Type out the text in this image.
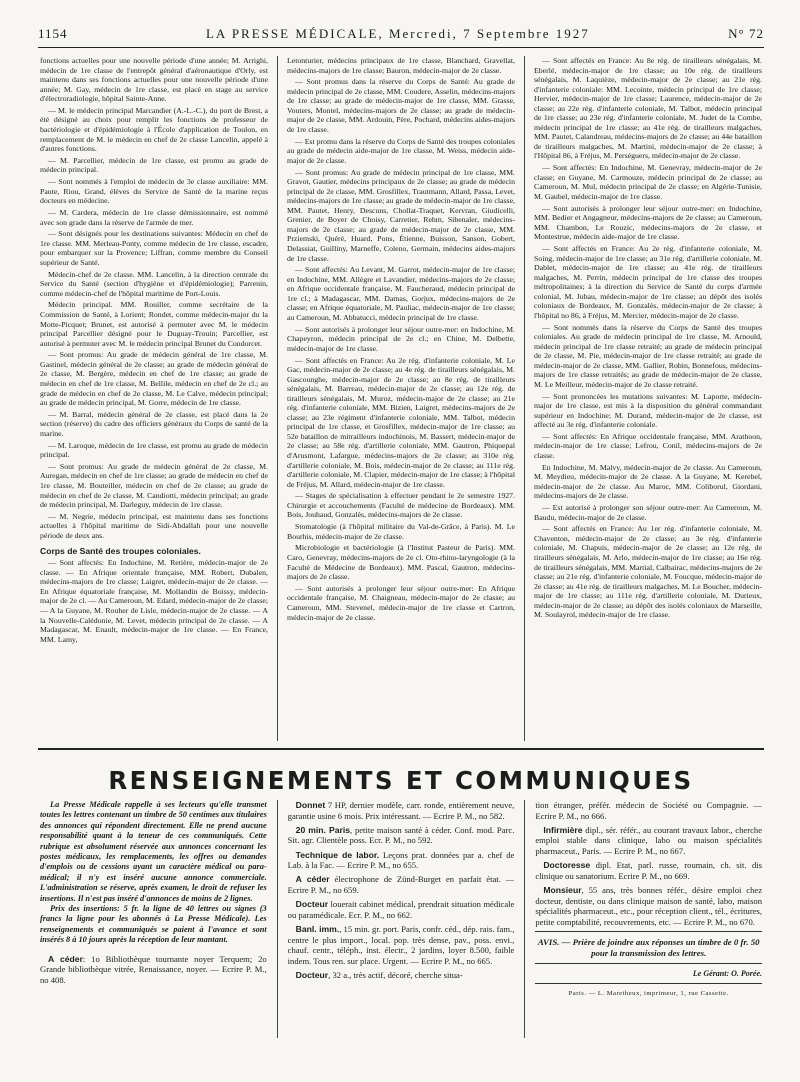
1154	LA PRESSE MÉDICALE, Mercredi, 7 Septembre 1927	N° 72

fonctions actuelles pour une nouvelle période d'une année; M. Arrighi, médecin de 1re classe de l'entrepôt général d'aéronautique d'Orly, est maintenu dans ses fonctions actuelles pour une nouvelle période d'une année; M. Gay, médecin de 1re classe, est placé en stage au service d'électroradiologie, hôpital Sainte-Anne.

— M. le médecin principal Marcandier (A.-L.-C.), du port de Brest, a été désigné au choix pour remplir les fonctions de professeur de bactériologie et d'épidémiologie à l'École d'application de Toulon, en remplacement de M. le médecin en chef de 2e classe Lancelin, appelé à d'autres fonctions.

— M. Parcellier, médecin de 1re classe, est promu au grade de médecin principal.

— Sont nommés à l'emploi de médecin de 3e classe auxiliaire: MM. Paute, Riou, Grand, élèves du Service de Santé de la marine reçus docteurs en médecine.

— M. Cardera, médecin de 1re classe démissionnaire, est nommé avec son grade dans la réserve de l'armée de mer.

— Sont désignés pour les destinations suivantes: Médecin en chef de 1re classe. MM. Merleau-Ponty, comme médecin de 1re classe, escadre, pour embarquer sur la Provence; Liffran, comme membre du Conseil supérieur de Santé.

Médecin-chef de 2e classe. MM. Lancelin, à la direction centrale du Service du Santé (section d'hygiène et d'épidémiologie); Parrenin, comme médecin-chef de l'hôpital maritime de Port-Louis.

Médecin principal. MM. Rouiller, comme secrétaire de la Commission de Santé, à Lorient; Rondet, comme médecin-major du la Motte-Picquet; Brunet, est autorisé à permuter avec M. le médecin principal Parcellier désigné pour le Duguay-Trouin; Parcellier, est autorisé à permuter avec M. le médecin principal Brunet du Condorcet.

— Sont promus: Au grade de médecin général de 1re classe, M. Gastinel, médecin général de 2e classe; au grade de médecin général de 2e classe, M. Bergère, médecin en chef de 1re classe; au grade de médecin en chef de 1re classe, M. Bellile, médecin en chef de 2e cl.; au grade de médecin en chef de 2e classe, M. Le Calve, médecin principal; au grade de médecin principal, M. Gorre, médecin de 1re classe.

— M. Barral, médecin général de 2e classe, est placé dans la 2e section (réserve) du cadre des officiers généraux du Corps de santé de la marine.

— M. Laroque, médecin de 1re classe, est promu au grade de médecin principal.

— Sont promus: Au grade de médecin général de 2e classe, M. Auregan, médecin en chef de 1re classe; au grade de médecin en chef de 1re classe, M. Bouteiller, médecin en chef de 2e classe; au grade de médecin en chef de 2e classe, M. Candiotti, médecin principal; au grade de médecin principal, M. Darleguy, médecin de 1re classe.

— M. Negrie, médecin principal, est maintenu dans ses fonctions actuelles à l'hôpital maritime de Sidi-Abdallah pour une nouvelle période de deux ans.

Corps de Santé des troupes coloniales.

— Sont affectés: En Indochine, M. Retière, médecin-major de 2e classe. — En Afrique orientale française, MM. Robert, Dubalen, médecins-majors de 1re classe; Laigret, médecin-major de 2e classe. — En Afrique équatoriale française, M. Mollandin de Boissy, médecin-major de 2e cl. — Au Cameroun, M. Edard, médecin-major de 2e classe; — A la Guyane, M. Rouher de Lisle, médecin-major de 2e classe. — A la Nouvelle-Calédonie, M. Levet, médecin principal de 2e classe. — A Madagascar, M. Enault, médecin-major de 1re classe. — En France, MM. Lamy,

Letonturier, médecins principaux de 1re classe, Blanchard, Gravellat, médecins-majors de 1re classe; Bauron, médecin-major de 2e classe.

— Sont promus dans la réserve du Corps de Santé: Au grade de médecin principal de 2e classe, MM. Coudere, Asselin, médecins-majors de 1re classe; au grade de médecin-major de 1re classe, MM. Grasse, Vouters, Montel, médecins-majors de 2e classe; au grade de médecin-major de 2e classe, MM. Ardouin, Père, Pochard, médecins aides-majors de 1re classe.

— Est promu dans la réserve du Corps de Santé des troupes coloniales au grade de médecin aide-major de 1re classe, M. Weiss, médecin aide-major de 2e classe.

— Sont promus: Au grade de médecin principal de 1re classe, MM. Gravot, Gautier, médecins principaux de 2e classe; au grade de médecin principal de 2e classe, MM. Grosfillex, Trautmann, Allard, Passa, Levet, médecins-majors de 1re classe; au grade de médecin-major de 1re classe, MM. Pautet, Henry, Descuns, Chollat-Traquet, Kervran, Giudicelli, Grenier, de Boyer de Choisy, Carretier, Rehm, Sibenaler, médecins-majors de 2e classe; au grade de médecin-major de 2e classe, MM. Prziemski, Quéré, Huard, Pons, Étienne, Buisson, Sanson, Gobert, Delassiat, Guilliny, Marneffe, Coleno, Germain, médecins aides-majors de 1re classe.

— Sont affectés: Au Levant, M. Garrot, médecin-major de 1re classe; en Indochine, MM. Allègre et Lavandier, médecins-majors de 2e classe; en Afrique occidentale française, M. Faucheraud, médecin principal de 1re cl.; à Madagascar, MM. Damas, Gorjux, médecins-majors de 2e classe; en Afrique équatoriale, M. Pauliac, médecin-major de 1re classe; au Cameroun, M. Abbatucci, médecin principal de 1re classe.

— Sont autorisés à prolonger leur séjour outre-mer: en Indochine, M. Chapeyron, médecin principal de 2e cl.; en Chine, M. Delbette, médecin-major de 1re classe.

— Sont affectés en France: Au 2e rég. d'infanterie coloniale, M. Le Gac, médecin-major de 2e classe; au 4e rég. de tirailleurs sénégalais, M. Gascounghe, médecin-major de 2e classe; au 8e rég. de tirailleurs sénégalais, M. Barreau, médecin-major de 2e classe; au 12e rég. de tirailleurs sénégalais, M. Muroz, médecin-major de 2e classe; au 21e rég. d'infanterie coloniale, MM. Bizien, Laigret, médecins-majors de 2e classe; au 23e régiment d'infanterie coloniale, MM. Talbot, médecin principal de 1re classe, et Grosfillex, médecin-major de 1re classe; au 52e bataillon de mitrailleurs indochinois, M. Bassert, médecin-major de 2e classe; au 58e rég. d'artillerie coloniale, MM. Gautron, Phiquepal d'Arusmont, Lafargue, médecins-majors de 2e classe; au 310e rég. d'artillerie coloniale, M. Bois, médecin-major de 2e classe; au 111e rég. d'artillerie coloniale, M. Clapier, médecin-major de 1re classe; à l'hôpital de Fréjus, M. Allard, médecin-major de 1re classe.

— Stages de spécialisation à effectuer pendant le 2e semestre 1927. Chirurgie et accouchements (Faculté de médecine de Bordeaux). MM. Bois, Jouhaud, Gonzalès, médecins-majors de 2e classe.

Stomatologie (à l'hôpital militaire du Val-de-Grâce, à Paris). M. Le Bourhis, médecin-major de 2e classe.

Microbiologie et bactériologie (à l'Institut Pasteur de Paris). MM. Caro, Genevray, médecins-majors de 2e cl. Oto-rhino-laryngologie (à la Faculté de Médecine de Bordeaux). MM. Pascal, Gautron, médecins-majors de 2e classe.

— Sont autorisés à prolonger leur séjour outre-mer: En Afrique occidentale française, M. Chaigneau, médecin-major de 2e classe; au Cameroun, MM. Stevenel, médecin-major de 1re classe et Cartron, médecin-major de 2e classe.

— Sont affectés en France: Au 8e rég. de tirailleurs sénégalais, M. Eberlé, médecin-major de 1re classe; au 10e rég. de tirailleurs sénégalais, M. Laquièze, médecin-major de 2e classe; au 21e rég. d'infanterie coloniale: MM. Lecointe, médecin principal de 1re classe; Hervier, médecin-major de 1re classe; Laurence, médecin-major de 2e classe; au 22e rég. d'infanterie coloniale, M. Talbot, médecin principal de 1re classe; au 23e rég. d'infanterie coloniale, M. Judet de la Combe, médecin principal de 1re classe; au 41e rég. de tirailleurs malgaches, MM. Pautet, Calandreau, médecins-majors de 2e classe; au 44e bataillon de tirailleurs malgaches, M. Martini, médecin-major de 2e classe; à l'Hôpital 86, à Fréjus, M. Perséguers, médecin-major de 2e classe.

— Sont affectés: En Indochine, M. Genevray, médecin-major de 2e classe; en Guyane, M. Carmouze, médecin principal de 2e classe; au Cameroun, M. Mul, médecin principal de 2e classe; en Algérie-Tunisie, M. Gaubel, médecin-major de 1re classe.

— Sont autorisés à prolonger leur séjour outre-mer: en Indochine, MM. Bedier et Angagneur, médecins-majors de 2e classe; au Cameroun, MM. Chambon, Le Rouzic, médecins-majors de 2e classe, et Montestrue, médecin aide-major de 1re classe.

— Sont affectés en France: Au 2e rég. d'infanterie coloniale, M. Soing, médecin-major de 1re classe; au 31e rég. d'artillerie coloniale, M. Dablet, médecin-major de 1re classe; au 41e rég. de tirailleurs malgaches, M. Perrin, médecin principal de 1re classe des troupes métropolitaines; à la direction du Service de Santé du corps d'armée colonial, M. Jubau, médecin-major de 1re classe; au dépôt des isolés coloniaux de Bordeaux, M. Gonzalès, médecin-major de 2e classe; à l'hôpital no 86, à Fréjus, M. Mercier, médecin-major de 2e classe.

— Sont nommés dans la réserve du Corps de Santé des troupes coloniales. Au grade de médecin principal de 1re classe, M. Arnould, médecin principal de 1re classe retraité; au grade de médecin principal de 2e classe, M. Pie, médecin-major de 1re classe retraité; au grade de médecin-major de 2e classe, MM. Gallier, Robin, Bonnefous, médecins-majors de 1re classe retraités; au grade de médecin-major de 2e classe, M. Le Meilleur, médecin-major de 2e classe retraité.

— Sont prononcées les mutations suivantes: M. Laporte, médecin-major de 1re classe, est mis à la disposition du général commandant supérieur en Indochine; M. Durand, médecin-major de 2e classe, est affecté au 3e rég. d'infanterie coloniale.

— Sont affectés: En Afrique occidentale française, MM. Arathoon, médecin-major de 1re classe; Lefrou, Conil, médecins-majors de 2e classe.

En Indochine, M. Malvy, médecin-major de 2e classe. Au Cameroun, M. Meydieu, médecin-major de 2e classe. A la Guyane, M. Kerebel, médecin-major de 2e classe. Au Maroc, MM. Coliborul, Giordani, médecins-majors de 2e classe.

— Est autorisé à prolonger son séjour outre-mer: Au Cameroun, M. Baudu, médecin-major de 2e classe.

— Sont affectés en France: Au 1er rég. d'infanterie coloniale, M. Chaventon, médecin-major de 2e classe; au 3e rég. d'infanterie coloniale, M. Chapuis, médecin-major de 2e classe; au 12e rég. de tirailleurs sénégalais, M. Arlo, médecin-major de 1re classe; au 16e rég. de tirailleurs sénégalais, MM. Martial, Calbairac, médecins-majors de 2e classe; au 21e rég. d'infanterie coloniale, M. Foucque, médecin-major de 2e classe; au 41e rég. de tirailleurs malgaches, M. Le Boucher, médecin-major de 1re classe; au 111e rég. d'artillerie coloniale, M. Durieux, médecin-major de 2e classe; au dépôt des isolés coloniaux de Marseille, M. Soulayrol, médecin-major de 1re classe.

RENSEIGNEMENTS ET COMMUNIQUES

La Presse Médicale rappelle à ses lecteurs qu'elle transmet toutes les lettres contenant un timbre de 50 centimes aux titulaires des annonces qui répondent directement. Elle ne prend aucune responsabilité quant à la teneur de ces communiqués. Cette rubrique est absolument réservée aux annonces concernant les postes médicaux, les remplacements, les offres ou demandes d'emplois ou de cessions ayant un caractère médical ou para-médical; il n'y est inséré aucune annonce commerciale. L'administration se réserve, après examen, le droit de refuser les insertions. Il n'est pas inséré d'annonces de moins de 2 lignes.

Prix des insertions: 5 fr. la ligne de 40 lettres ou signes (3 francs la ligne pour les abonnés à La Presse Médicale). Les renseignements et communiqués se paient à l'avance et sont insérés 8 à 10 jours après la réception de leur mantant.

A céder: 1o Bibliothèque tournante noyer Terquem; 2o Grande bibliothèque vitrée, Renaissance, noyer. — Ecrire P. M., no 408.

Donnet 7 HP, dernier modèle, carr. ronde, entièrement neuve, garantie usine 6 mois. Prix intéressant. — Ecrire P. M., no 582.

20 min. Paris, petite maison santé à céder. Conf. mod. Parc. Sit. agr. Clientèle poss. Ecr. P. M., no 592.

Technique de labor. Leçons prat. données par a. chef de Lab. à la Fac. — Ecrire P. M., no 655.

A céder électrophone de Zünd-Burget en parfait état. — Ecrire P. M., no 659.

Docteur louerait cabinet médical, prendrait situation médicale ou paramédicale. Ecr. P. M., no 662.

Banl. imm., 15 min. gr. port. Paris, confr. céd., dép. rais. fam., centre le plus import., local. pop. très dense, pav., poss. envi., chauf. centr., téléph., inst. électr., 2 jardins, loyer 8.500, faible indem. Tous ren. sur place. Urgent. — Ecrire P. M., no 665.

Docteur, 32 a., très actif, décoré, cherche situa-

tion étranger, préfér. médecin de Société ou Compagnie. — Ecrire P. M., no 666.

Infirmière dipl., sér. référ., au courant travaux labor., cherche emploi stable dans clinique, labo ou maison spécialités pharmaceut., Paris. — Ecrire P. M., no 667.

Doctoresse dipl. Etat, parl. russe, roumain, ch. sit. dis clinique ou sanatorium. Ecrire P. M., no 669.

Monsieur, 55 ans, très bonnes référ., désire emploi chez docteur, dentiste, ou dans clinique maison de santé, labo, maison spécialités pharmaceut., etc., pour réception client., tél., écritures, petite comptabilité, recouvrements, etc. — Ecrire P. M., no 670.

AVIS. — Prière de joindre aux réponses un timbre de 0 fr. 50 pour la transmission des lettres.

Le Gérant: O. Porée.

Paris. — L. Maretheux, imprimeur, 1, rue Cassette.
